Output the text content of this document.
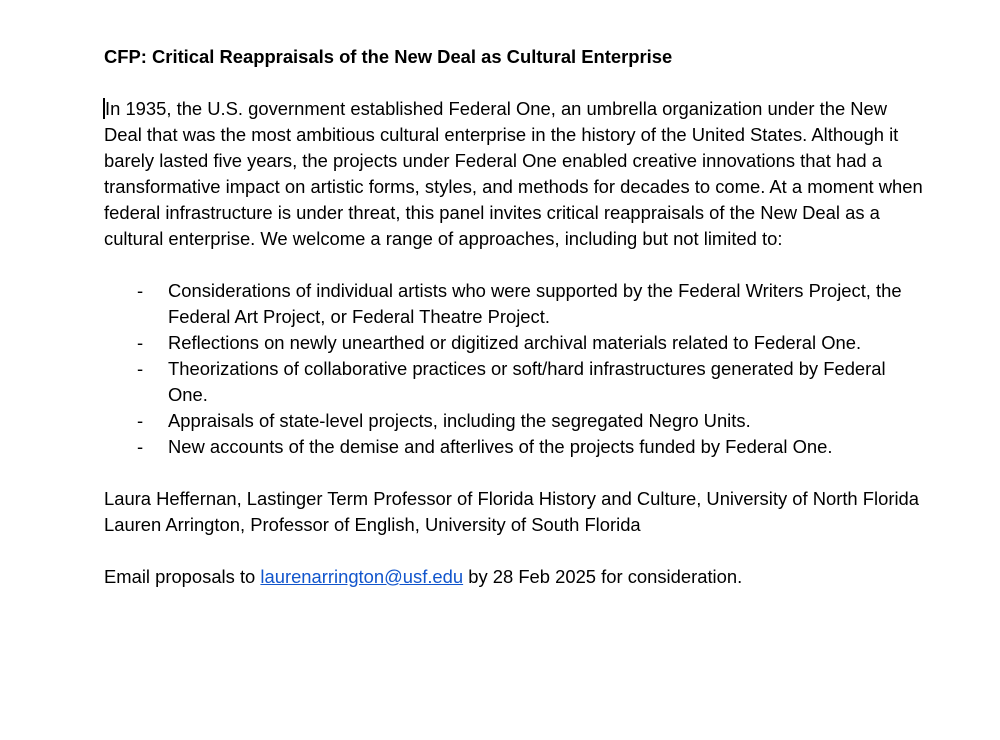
CFP: Critical Reappraisals of the New Deal as Cultural Enterprise

In 1935, the U.S. government established Federal One, an umbrella organization under the New Deal that was the most ambitious cultural enterprise in the history of the United States. Although it barely lasted five years, the projects under Federal One enabled creative innovations that had a transformative impact on artistic forms, styles, and methods for decades to come. At a moment when federal infrastructure is under threat, this panel invites critical reappraisals of the New Deal as a cultural enterprise. We welcome a range of approaches, including but not limited to:

- Considerations of individual artists who were supported by the Federal Writers Project, the Federal Art Project, or Federal Theatre Project.
- Reflections on newly unearthed or digitized archival materials related to Federal One.
- Theorizations of collaborative practices or soft/hard infrastructures generated by Federal One.
- Appraisals of state-level projects, including the segregated Negro Units.
- New accounts of the demise and afterlives of the projects funded by Federal One.
Laura Heffernan, Lastinger Term Professor of Florida History and Culture, University of North Florida
Lauren Arrington, Professor of English, University of South Florida

Email proposals to laurenarrington@usf.edu by 28 Feb 2025 for consideration.
